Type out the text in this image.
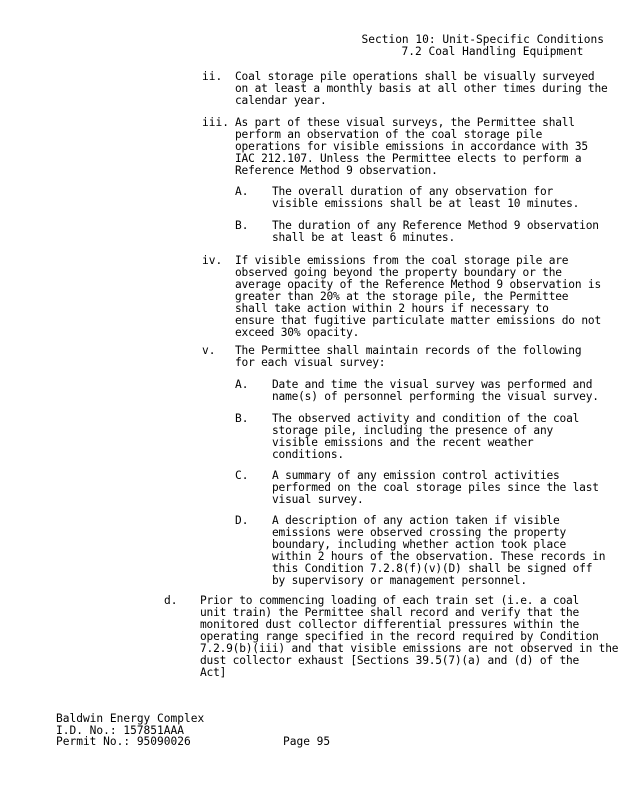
Section 10: Unit-Specific Conditions
7.2 Coal Handling Equipment
ii. Coal storage pile operations shall be visually surveyed
on at least a monthly basis at all other times during the
calendar year.
iii. As part of these visual surveys, the Permittee shall
perform an observation of the coal storage pile
operations for visible emissions in accordance with 35
IAC 212.107. Unless the Permittee elects to perform a
Reference Method 9 observation.
A. The overall duration of any observation for
visible emissions shall be at least 10 minutes.
B. The duration of any Reference Method 9 observation
shall be at least 6 minutes.
iv. If visible emissions from the coal storage pile are
observed going beyond the property boundary or the
average opacity of the Reference Method 9 observation is
greater than 20% at the storage pile, the Permittee
shall take action within 2 hours if necessary to
ensure that fugitive particulate matter emissions do not
exceed 30% opacity.
v. The Permittee shall maintain records of the following
for each visual survey:
A. Date and time the visual survey was performed and
name(s) of personnel performing the visual survey.
B. The observed activity and condition of the coal
storage pile, including the presence of any
visible emissions and the recent weather
conditions.
C. A summary of any emission control activities
performed on the coal storage piles since the last
visual survey.
D. A description of any action taken if visible
emissions were observed crossing the property
boundary, including whether action took place
within 2 hours of the observation. These records in
this Condition 7.2.8(f)(v)(D) shall be signed off
by supervisory or management personnel.
d. Prior to commencing loading of each train set (i.e. a coal
unit train) the Permittee shall record and verify that the
monitored dust collector differential pressures within the
operating range specified in the record required by Condition
7.2.9(b)(iii) and that visible emissions are not observed in the
dust collector exhaust [Sections 39.5(7)(a) and (d) of the
Act]
Baldwin Energy Complex
I.D. No.: 157851AAA
Permit No.: 95090026	Page 95
